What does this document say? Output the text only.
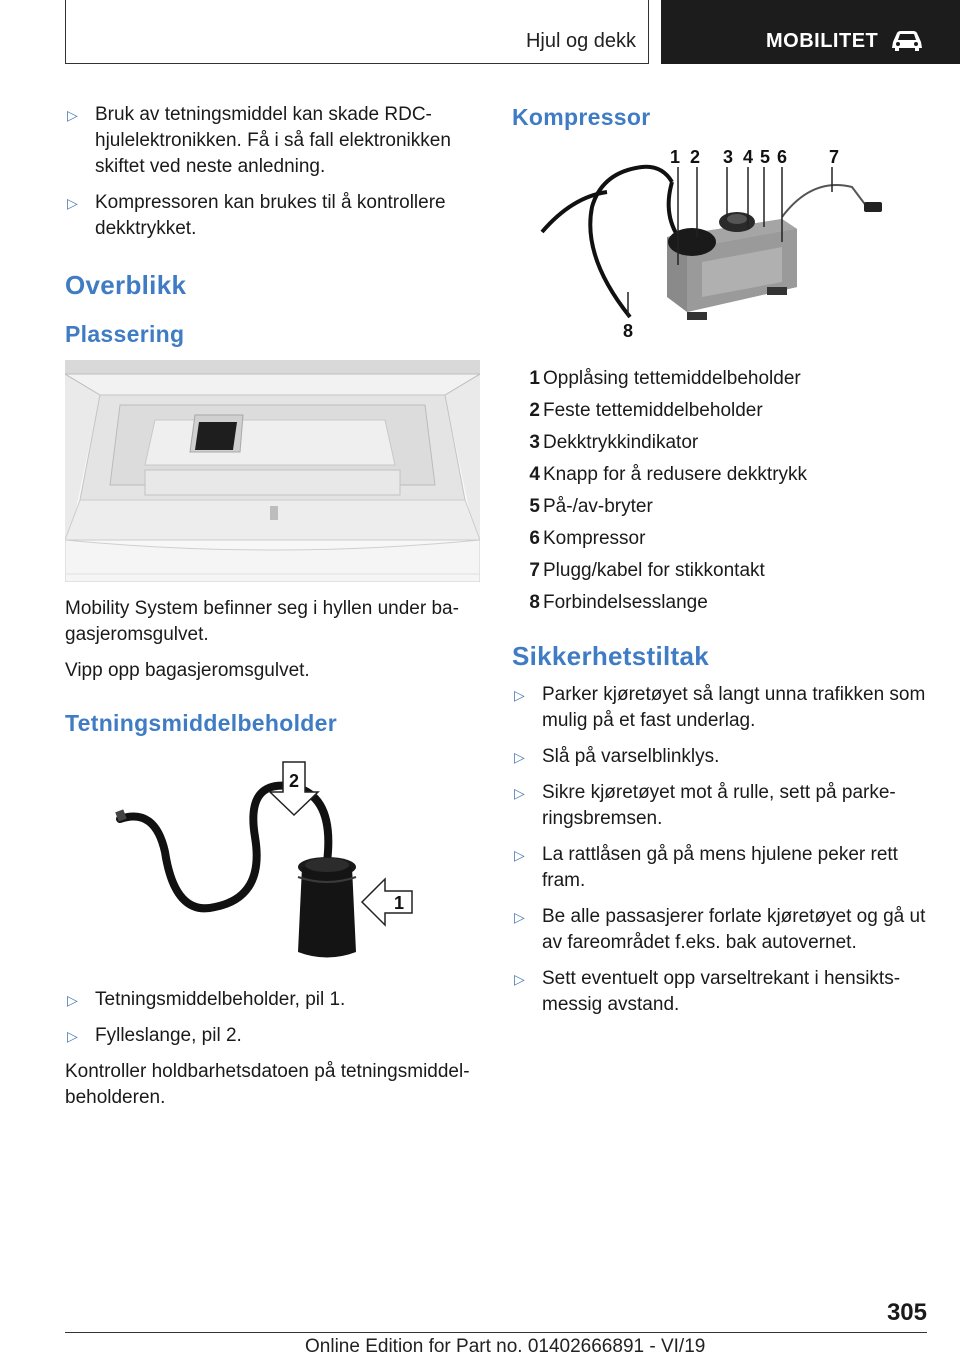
Hjul og dekk	MOBILITET
▷ Bruk av tetningsmiddel kan skade RDC-hjulelektronikken. Få i så fall elektronikken skiftet ved neste anledning.
▷ Kompressoren kan brukes til å kontrollere dekktrykket.
Overblikk
Plassering

Mobility System befinner seg i hyllen under bagasjeromsgulvet.

Vipp opp bagasjeromsgulvet.

Tetningsmiddelbeholder
2
1
▷ Tetningsmiddelbeholder, pil 1.
▷ Fylleslange, pil 2.

Kontroller holdbarhetsdatoen på tetningsmiddelbeholderen.

Kompressor
1 2 3 4 5 6 7
8
1 Opplåsing tettemiddelbeholder
2 Feste tettemiddelbeholder
3 Dekktrykkindikator
4 Knapp for å redusere dekktrykk
5 På-/av-bryter
6 Kompressor
7 Plugg/kabel for stikkontakt
8 Forbindelsesslange
Sikkerhetstiltak
▷ Parker kjøretøyet så langt unna trafikken som mulig på et fast underlag.
▷ Slå på varselblinklys.
▷ Sikre kjøretøyet mot å rulle, sett på parkeringsbremsen.
▷ La rattlåsen gå på mens hjulene peker rett fram.
▷ Be alle passasjerer forlate kjøretøyet og gå ut av fareområdet f.eks. bak autovernet.
▷ Sett eventuelt opp varseltrekant i hensiktsmessig avstand.
305
Online Edition for Part no. 01402666891 - VI/19
